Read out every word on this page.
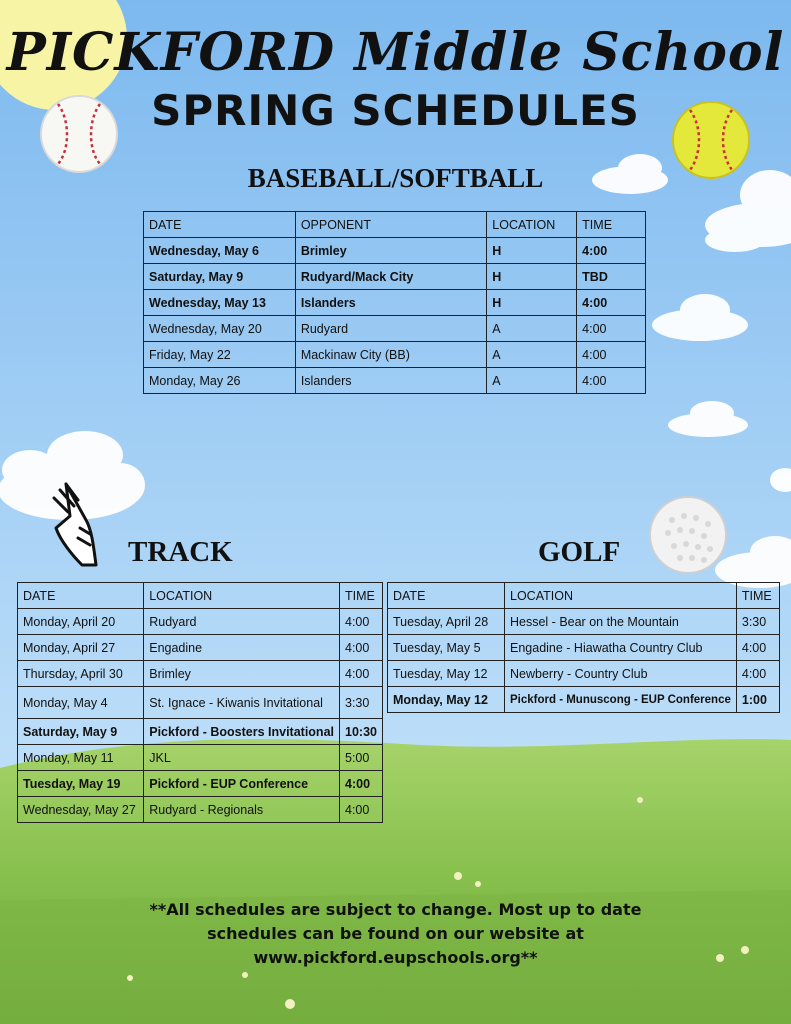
PICKFORD Middle School
SPRING SCHEDULES
BASEBALL/SOFTBALL
DATE	OPPONENT	LOCATION	TIME
Wednesday, May 6	Brimley	H	4:00
Saturday, May 9	Rudyard/Mack City	H	TBD
Wednesday, May 13	Islanders	H	4:00
Wednesday, May 20	Rudyard	A	4:00
Friday, May 22	Mackinaw City (BB)	A	4:00
Monday, May 26	Islanders	A	4:00
TRACK
DATE	LOCATION	TIME
Monday, April 20	Rudyard	4:00
Monday, April 27	Engadine	4:00
Thursday, April 30	Brimley	4:00
Monday, May 4	St. Ignace - Kiwanis Invitational	3:30
Saturday, May 9	Pickford - Boosters Invitational	10:30
Monday, May 11	JKL	5:00
Tuesday, May 19	Pickford - EUP Conference	4:00
Wednesday, May 27	Rudyard - Regionals	4:00
GOLF
DATE	LOCATION	TIME
Tuesday, April 28	Hessel - Bear on the Mountain	3:30
Tuesday, May 5	Engadine - Hiawatha Country Club	4:00
Tuesday, May 12	Newberry - Country Club	4:00
Monday, May 12	Pickford - Munuscong - EUP Conference	1:00
**All schedules are subject to change. Most up to date
schedules can be found on our website at
www.pickford.eupschools.org**
